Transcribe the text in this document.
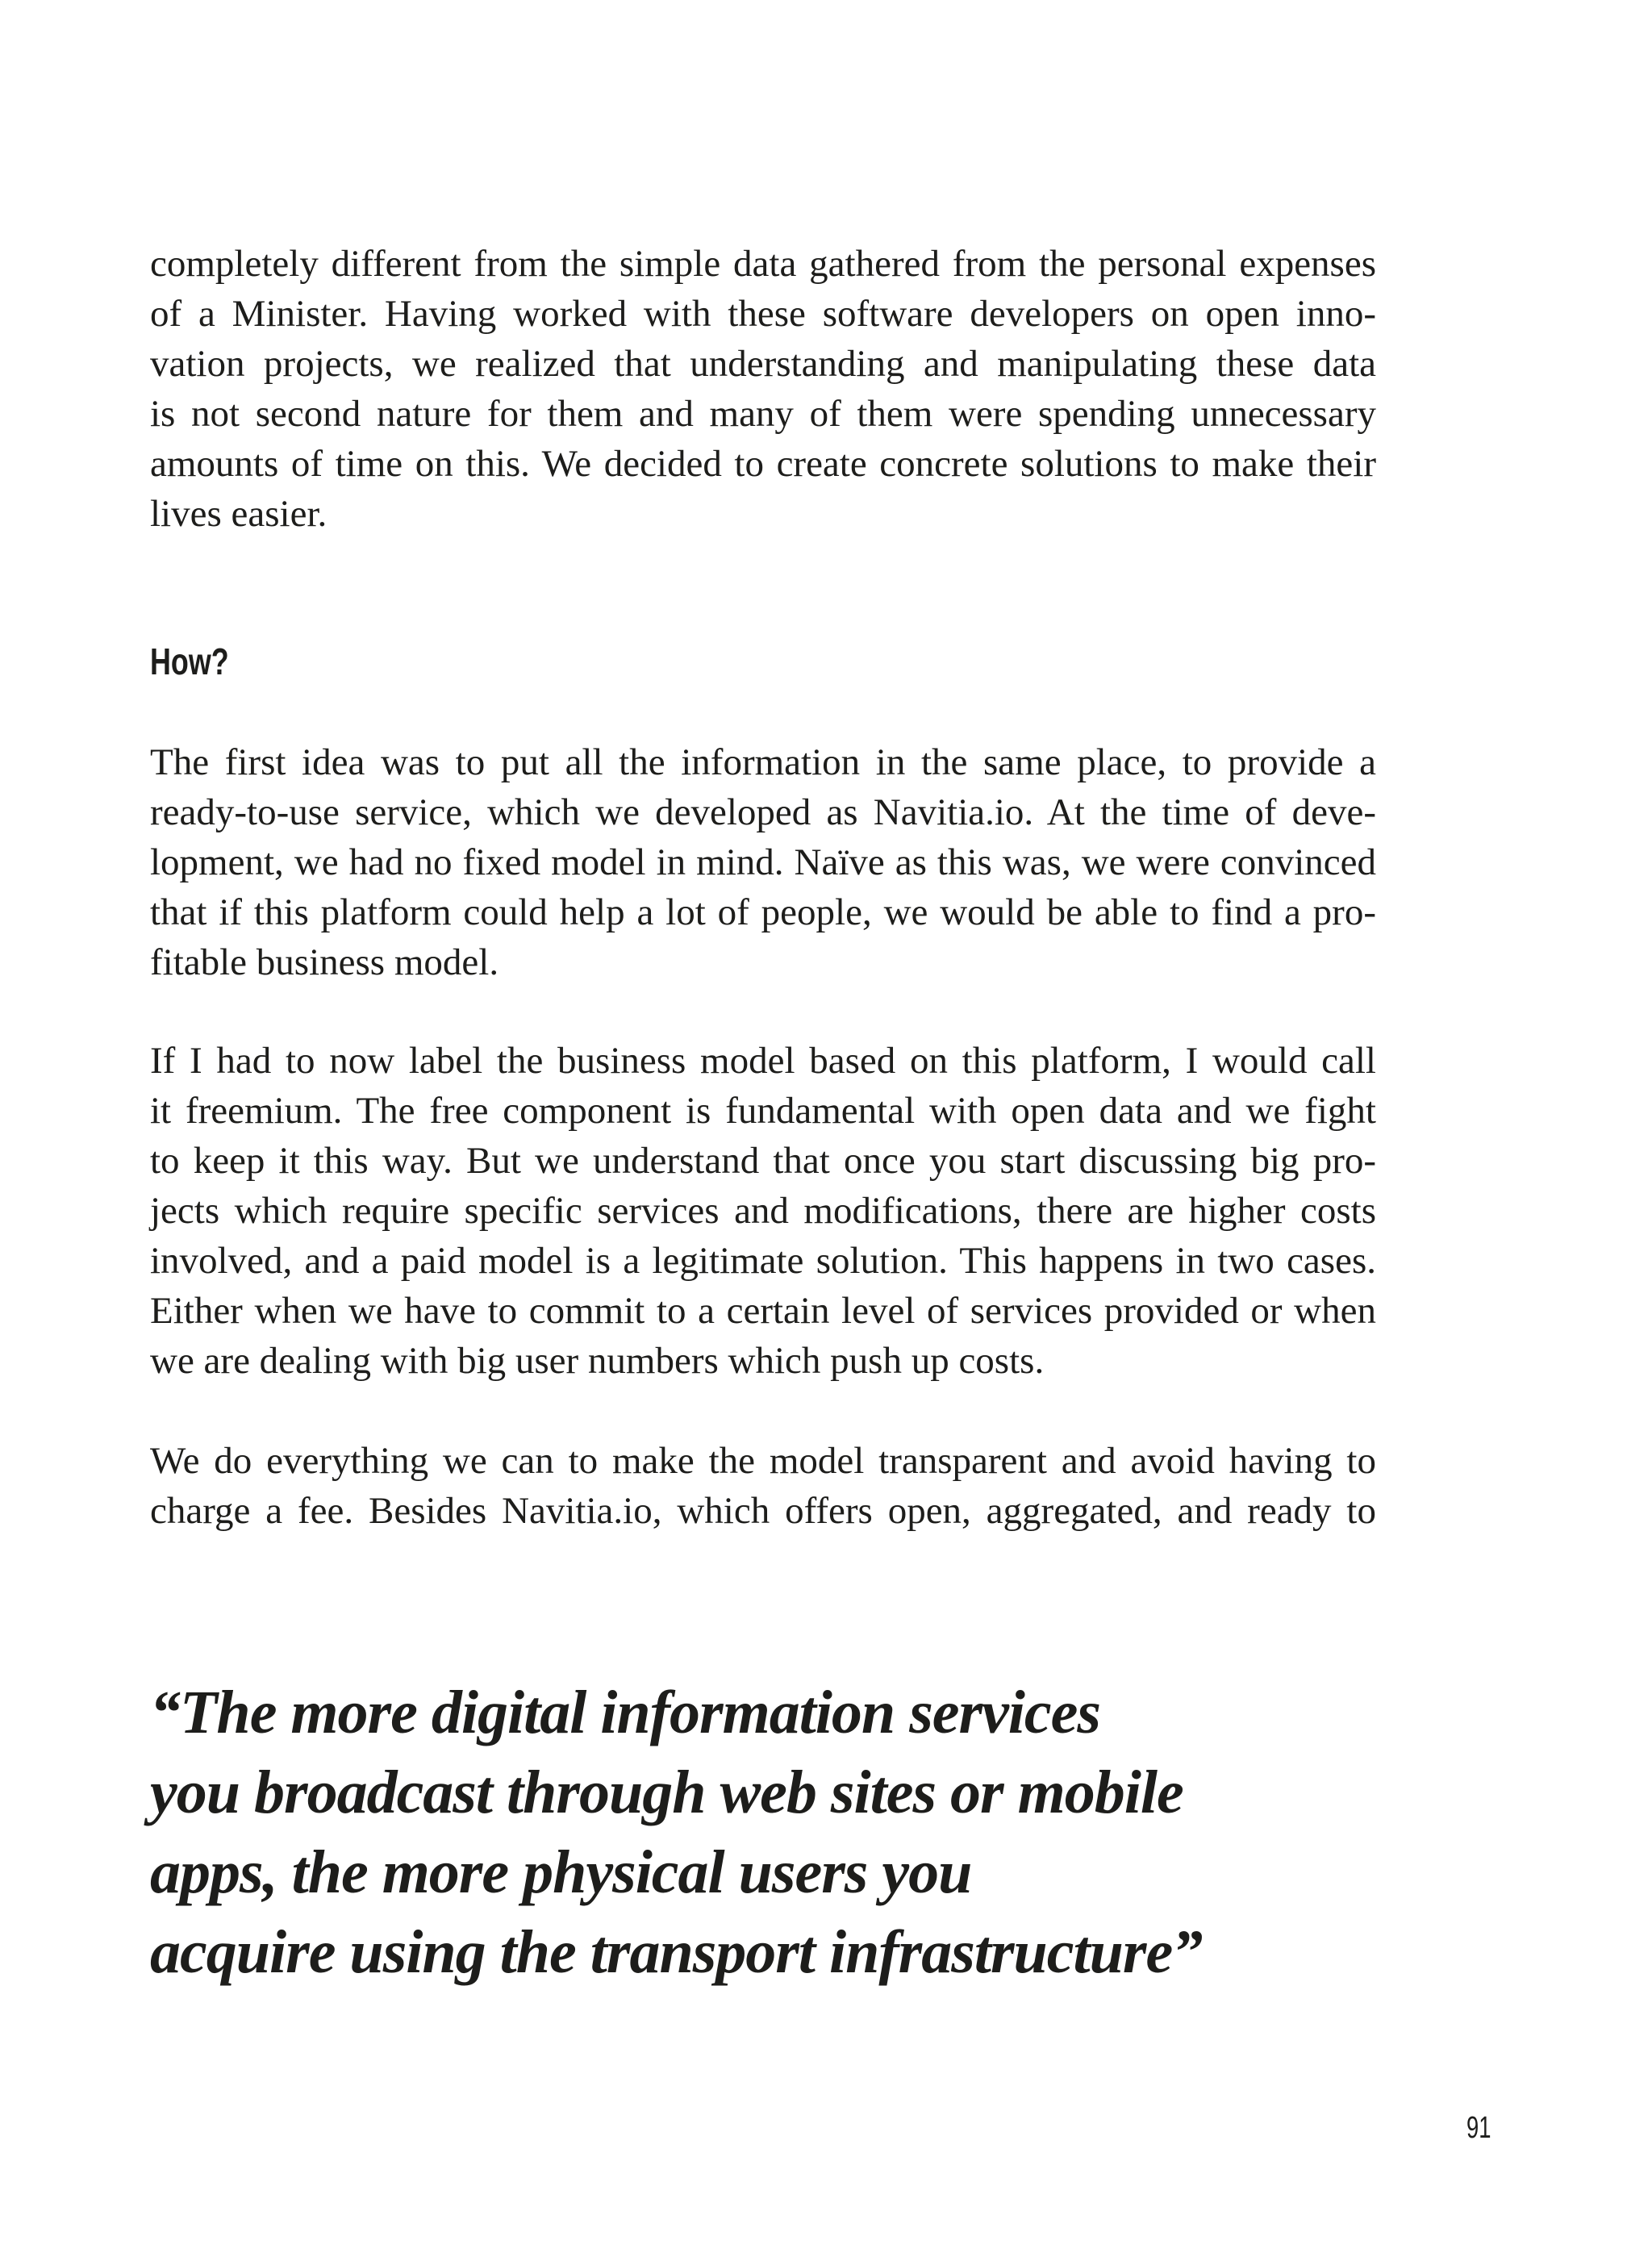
completely different from the simple data gathered from the personal expenses
of a Minister. Having worked with these software developers on open inno-
vation projects, we realized that understanding and manipulating these data
is not second nature for them and many of them were spending unnecessary
amounts of time on this. We decided to create concrete solutions to make their
lives easier.
How?
The first idea was to put all the information in the same place, to provide a
ready-to-use service, which we developed as Navitia.io. At the time of deve-
lopment, we had no fixed model in mind. Naïve as this was, we were convinced
that if this platform could help a lot of people, we would be able to find a pro-
fitable business model.
If I had to now label the business model based on this platform, I would call
it freemium. The free component is fundamental with open data and we fight
to keep it this way. But we understand that once you start discussing big pro-
jects which require specific services and modifications, there are higher costs
involved, and a paid model is a legitimate solution. This happens in two cases.
Either when we have to commit to a certain level of services provided or when
we are dealing with big user numbers which push up costs.
We do everything we can to make the model transparent and avoid having to
charge a fee. Besides Navitia.io, which offers open, aggregated, and ready to
“The more digital information services
you broadcast through web sites or mobile
apps, the more physical users you
acquire using the transport infrastructure”
91
